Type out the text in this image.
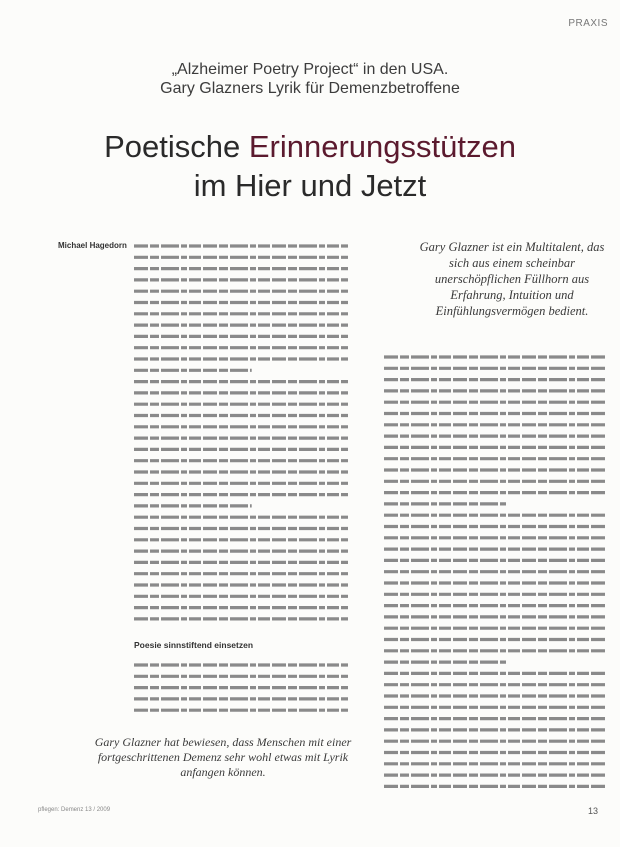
PRAXIS
„Alzheimer Poetry Project“ in den USA.
Gary Glazners Lyrik für Demenzbetroffene
Poetische Erinnerungsstützen
im Hier und Jetzt
Michael Hagedorn
Poesie sinnstiftend einsetzen
Gary Glazner ist ein Multitalent, das sich aus einem scheinbar unerschöpflichen Füllhorn aus Erfahrung, Intuition und Einfühlungsvermögen bedient.
Gary Glazner hat bewiesen, dass Menschen mit einer fortgeschrittenen Demenz sehr wohl etwas mit Lyrik anfangen können.
pflegen: Demenz 13 / 2009	13
